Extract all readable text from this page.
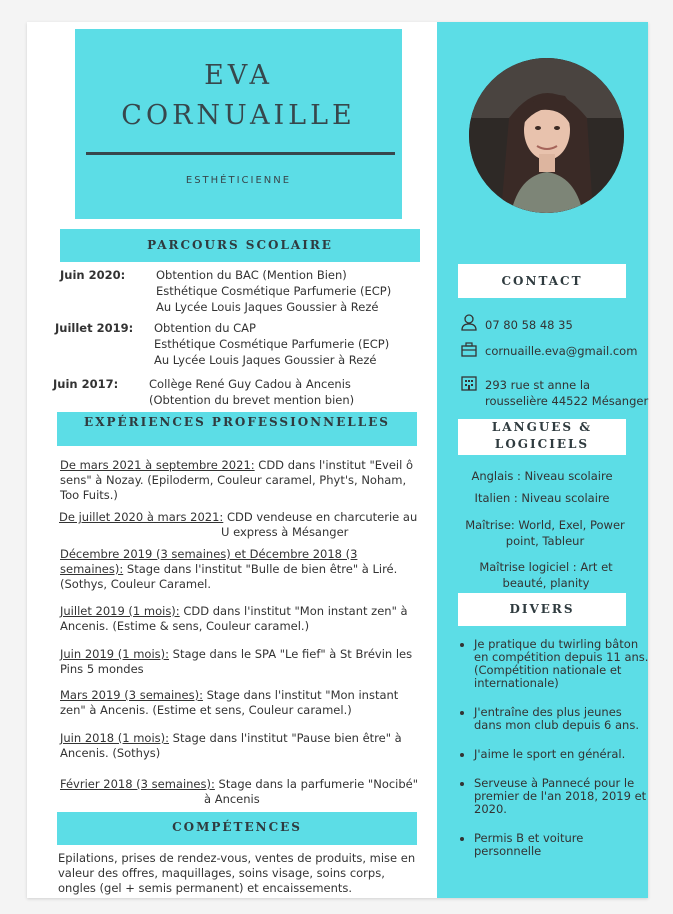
EVA
CORNUAILLE
ESTHÉTICIENNE
PARCOURS SCOLAIRE
Juin 2020:	Obtention du BAC (Mention Bien)
Esthétique Cosmétique Parfumerie (ECP)
Au Lycée Louis Jaques Goussier à Rezé
Juillet 2019: Obtention du CAP
Esthétique Cosmétique Parfumerie (ECP)
Au Lycée Louis Jaques Goussier à Rezé
Juin 2017:	Collège René Guy Cadou à Ancenis
(Obtention du brevet mention bien)
EXPÉRIENCES PROFESSIONNELLES
De mars 2021 à septembre 2021: CDD dans l'institut "Eveil ô sens" à Nozay. (Epiloderm, Couleur caramel, Phyt's, Noham, Too Fuits.)
De juillet 2020 à mars 2021: CDD vendeuse en charcuterie au
U express à Mésanger
Décembre 2019 (3 semaines) et Décembre 2018 (3 semaines): Stage dans l'institut "Bulle de bien être" à Liré. (Sothys, Couleur Caramel.
Juillet 2019 (1 mois): CDD dans l'institut "Mon instant zen" à Ancenis. (Estime & sens, Couleur caramel.)
Juin 2019 (1 mois): Stage dans le SPA "Le fief" à St Brévin les Pins 5 mondes
Mars 2019 (3 semaines): Stage dans l'institut "Mon instant zen" à Ancenis. (Estime et sens, Couleur caramel.)
Juin 2018 (1 mois): Stage dans l'institut "Pause bien être" à Ancenis. (Sothys)
Février 2018 (3 semaines): Stage dans la parfumerie "Nocibé"
à Ancenis
COMPÉTENCES
Epilations, prises de rendez-vous, ventes de produits, mise en valeur des offres, maquillages, soins visage, soins corps, ongles (gel + semis permanent) et encaissements.
CONTACT
07 80 58 48 35
cornuaille.eva@gmail.com
293 rue st anne la
rousselière 44522 Mésanger
LANGUES &
LOGICIELS
Anglais : Niveau scolaire
Italien : Niveau scolaire
Maîtrise: World, Exel, Power point, Tableur
Maîtrise logiciel : Art et beauté, planity
DIVERS
• Je pratique du twirling bâton en compétition depuis 11 ans. (Compétition nationale et internationale)
• J'entraîne des plus jeunes dans mon club depuis 6 ans.
• J'aime le sport en général.
• Serveuse à Pannecé pour le premier de l'an 2018, 2019 et 2020.
• Permis B et voiture personnelle
